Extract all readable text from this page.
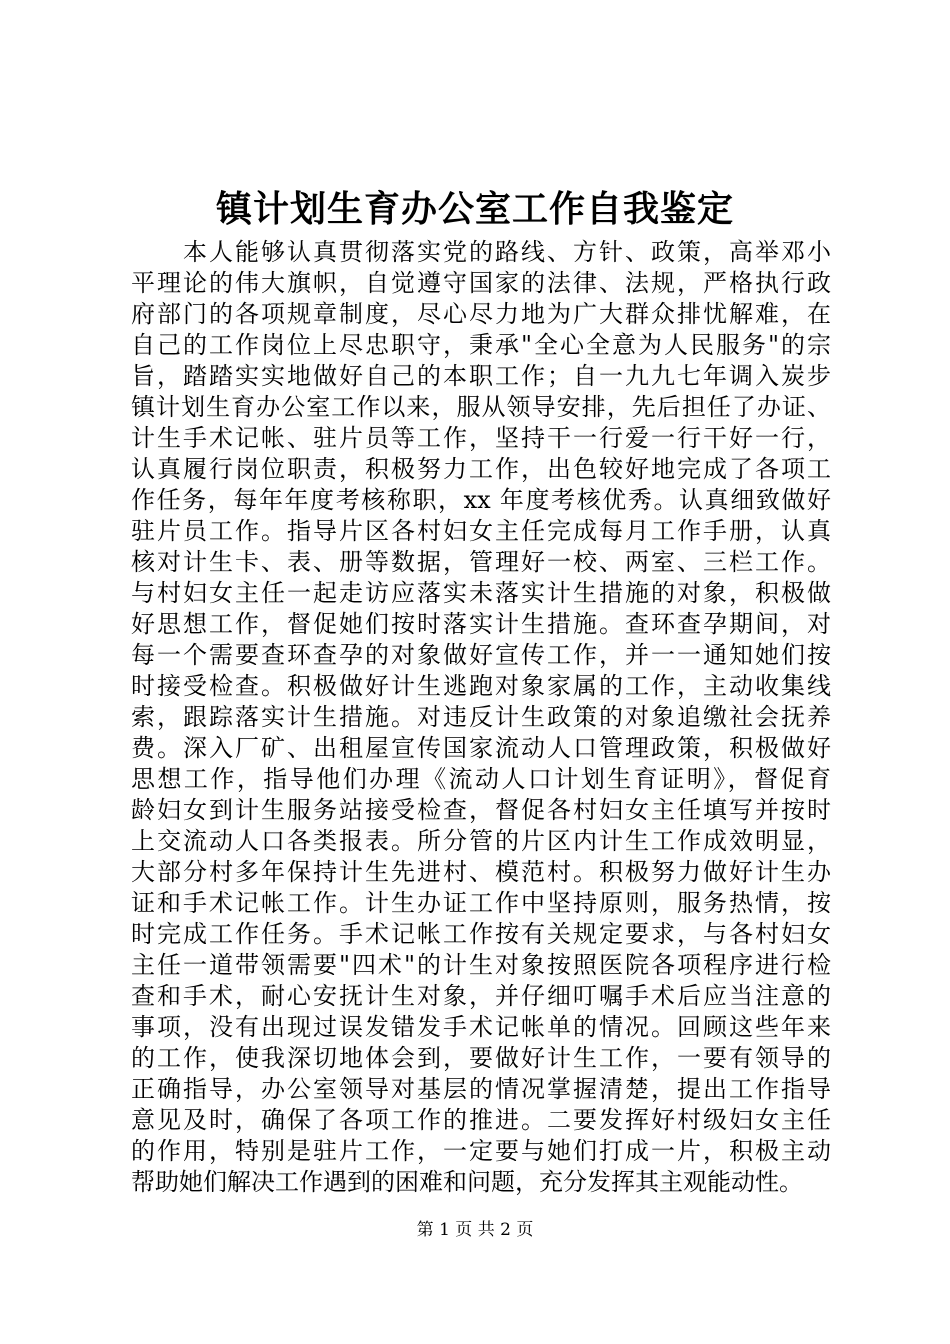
镇计划生育办公室工作自我鉴定
　　本人能够认真贯彻落实党的路线、方针、政策，高举邓小
平理论的伟大旗帜，自觉遵守国家的法律、法规，严格执行政
府部门的各项规章制度，尽心尽力地为广大群众排忧解难，在
自己的工作岗位上尽忠职守，秉承"全心全意为人民服务"的宗
旨，踏踏实实地做好自己的本职工作；自一九九七年调入炭步
镇计划生育办公室工作以来，服从领导安排，先后担任了办证、
计生手术记帐、驻片员等工作，坚持干一行爱一行干好一行，
认真履行岗位职责，积极努力工作，出色较好地完成了各项工
作任务，每年年度考核称职，xx 年度考核优秀。认真细致做好
驻片员工作。指导片区各村妇女主任完成每月工作手册，认真
核对计生卡、表、册等数据，管理好一校、两室、三栏工作。
与村妇女主任一起走访应落实未落实计生措施的对象，积极做
好思想工作，督促她们按时落实计生措施。查环查孕期间，对
每一个需要查环查孕的对象做好宣传工作，并一一通知她们按
时接受检查。积极做好计生逃跑对象家属的工作，主动收集线
索，跟踪落实计生措施。对违反计生政策的对象追缴社会抚养
费。深入厂矿、出租屋宣传国家流动人口管理政策，积极做好
思想工作，指导他们办理《流动人口计划生育证明》，督促育
龄妇女到计生服务站接受检查，督促各村妇女主任填写并按时
上交流动人口各类报表。所分管的片区内计生工作成效明显，
大部分村多年保持计生先进村、模范村。积极努力做好计生办
证和手术记帐工作。计生办证工作中坚持原则，服务热情，按
时完成工作任务。手术记帐工作按有关规定要求，与各村妇女
主任一道带领需要"四术"的计生对象按照医院各项程序进行检
查和手术，耐心安抚计生对象，并仔细叮嘱手术后应当注意的
事项，没有出现过误发错发手术记帐单的情况。回顾这些年来
的工作，使我深切地体会到，要做好计生工作，一要有领导的
正确指导，办公室领导对基层的情况掌握清楚，提出工作指导
意见及时，确保了各项工作的推进。二要发挥好村级妇女主任
的作用，特别是驻片工作，一定要与她们打成一片，积极主动
帮助她们解决工作遇到的困难和问题，充分发挥其主观能动性。
第 1 页 共 2 页
